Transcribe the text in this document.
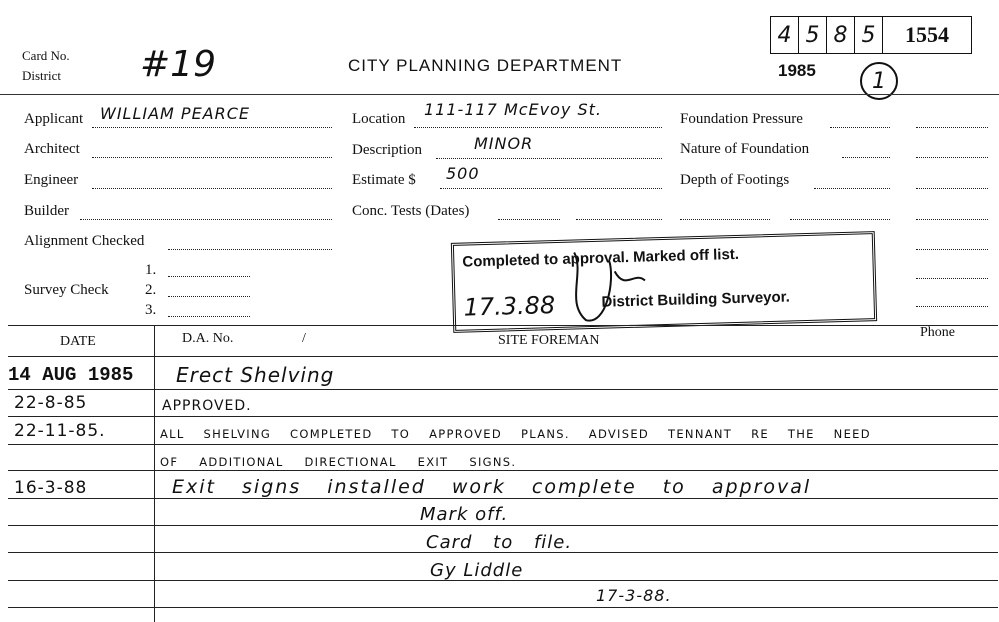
Card No.
District #19	CITY PLANNING DEPARTMENT	1985	1
4 5 8 5	1554
Applicant WILLIAM PEARCE
Architect
Engineer
Builder
Alignment Checked
Survey Check
1.
2.
3.
Location 111-117 McEvoy St.
Description	MINOR
Estimate $ 500
Conc. Tests (Dates)
Foundation Pressure
Nature of Foundation
Depth of Footings
Completed to approval. Marked off list.
17.3.88	District Building Surveyor.
DATE	D.A. No.	/	SITE FOREMAN
Phone
14 AUG 1985 Erect Shelving
22-8-85	APPROVED.
22-11-85.	ALL SHELVING COMPLETED TO APPROVED PLANS. ADVISED TENNANT RE THE NEED
OF ADDITIONAL DIRECTIONAL EXIT SIGNS.
16-3-88	Exit signs installed work complete to approval
Mark off.
Card to file.
Gy Liddle
17-3-88.
